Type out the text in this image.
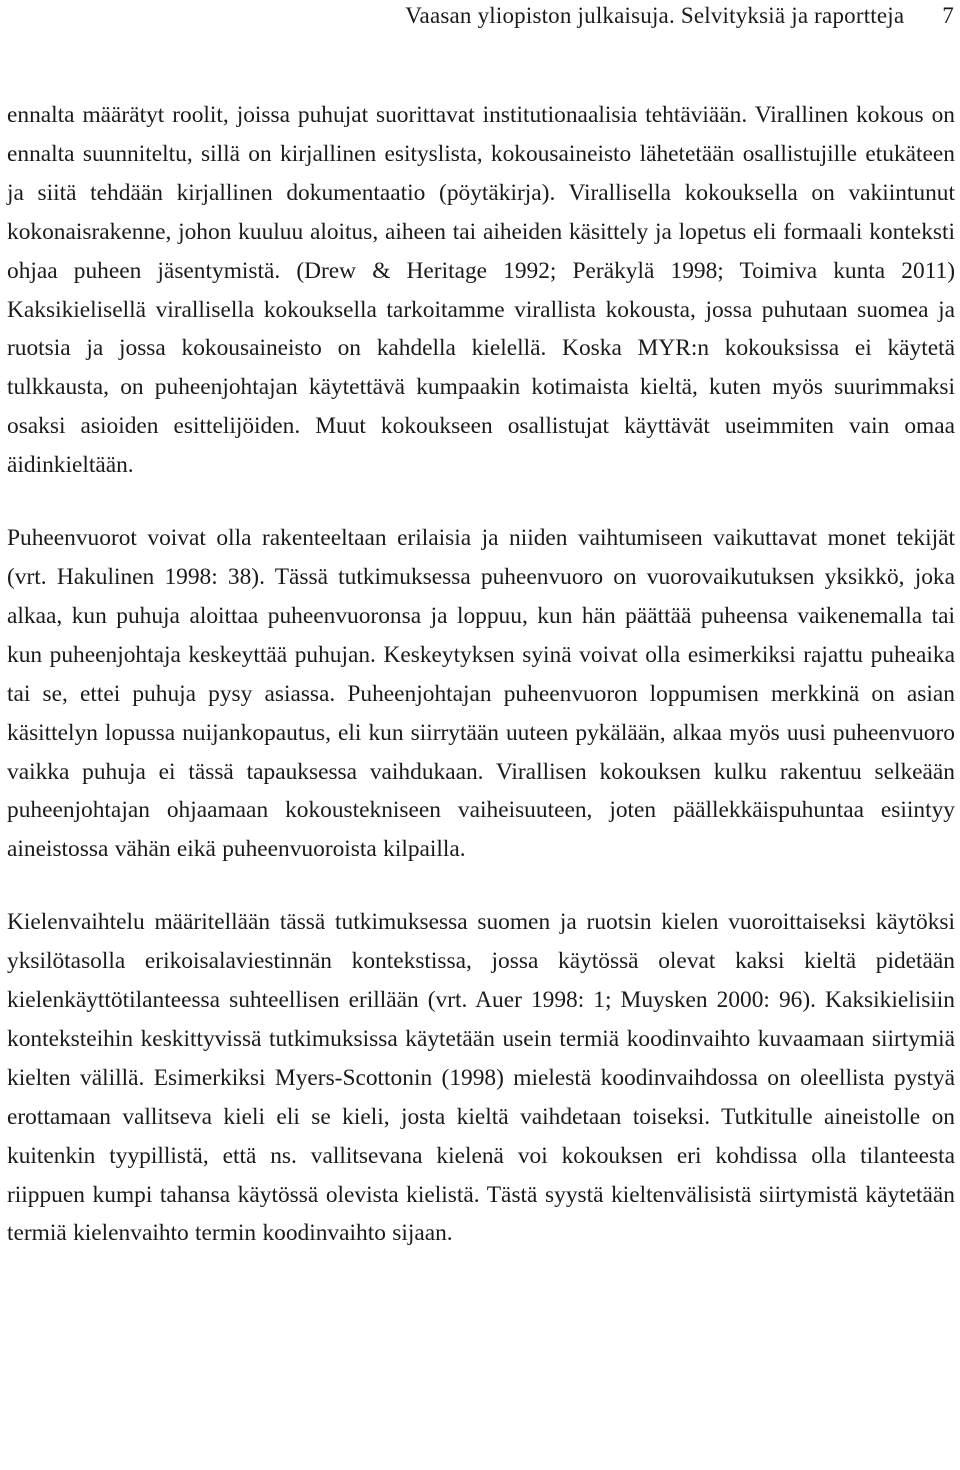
Vaasan yliopiston julkaisuja. Selvityksiä ja raportteja 7

ennalta määrätyt roolit, joissa puhujat suorittavat institutionaalisia tehtäviään. Virallinen kokous on ennalta suunniteltu, sillä on kirjallinen esityslista, kokousaineisto lähetetään osallistujille etukäteen ja siitä tehdään kirjallinen dokumentaatio (pöytäkirja). Virallisella kokouksella on vakiintunut kokonaisrakenne, johon kuuluu aloitus, aiheen tai aiheiden käsittely ja lopetus eli formaali konteksti ohjaa puheen jäsentymistä. (Drew & Heritage 1992; Peräkylä 1998; Toimiva kunta 2011) Kaksikielisellä virallisella kokouksella tarkoitamme virallista kokousta, jossa puhutaan suomea ja ruotsia ja jossa kokousaineisto on kahdella kielellä. Koska MYR:n kokouksissa ei käytetä tulkkausta, on puheenjohtajan käytettävä kumpaakin kotimaista kieltä, kuten myös suurimmaksi osaksi asioiden esittelijöiden. Muut kokoukseen osallistujat käyttävät useimmiten vain omaa äidinkieltään.

Puheenvuorot voivat olla rakenteeltaan erilaisia ja niiden vaihtumiseen vaikuttavat monet tekijät (vrt. Hakulinen 1998: 38). Tässä tutkimuksessa puheenvuoro on vuorovaikutuksen yksikkö, joka alkaa, kun puhuja aloittaa puheenvuoronsa ja loppuu, kun hän päättää puheensa vaikenemalla tai kun puheenjohtaja keskeyttää puhujan. Keskeytyksen syinä voivat olla esimerkiksi rajattu puheaika tai se, ettei puhuja pysy asiassa. Puheenjohtajan puheenvuoron loppumisen merkkinä on asian käsittelyn lopussa nuijankopautus, eli kun siirrytään uuteen pykälään, alkaa myös uusi puheenvuoro vaikka puhuja ei tässä tapauksessa vaihdukaan. Virallisen kokouksen kulku rakentuu selkeään puheenjohtajan ohjaamaan kokoustekniseen vaiheisuuteen, joten päällekkäispuhuntaa esiintyy aineistossa vähän eikä puheenvuoroista kilpailla.

Kielenvaihtelu määritellään tässä tutkimuksessa suomen ja ruotsin kielen vuoroittaiseksi käytöksi yksilötasolla erikoisalaviestinnän kontekstissa, jossa käytössä olevat kaksi kieltä pidetään kielenkäyttötilanteessa suhteellisen erillään (vrt. Auer 1998: 1; Muysken 2000: 96). Kaksikielisiin konteksteihin keskittyvissä tutkimuksissa käytetään usein termiä koodinvaihto kuvaamaan siirtymiä kielten välillä. Esimerkiksi Myers-Scottonin (1998) mielestä koodinvaihdossa on oleellista pystyä erottamaan vallitseva kieli eli se kieli, josta kieltä vaihdetaan toiseksi. Tutkitulle aineistolle on kuitenkin tyypillistä, että ns. vallitsevana kielenä voi kokouksen eri kohdissa olla tilanteesta riippuen kumpi tahansa käytössä olevista kielistä. Tästä syystä kieltenvälisistä siirtymistä käytetään termiä kielenvaihto termin koodinvaihto sijaan.
